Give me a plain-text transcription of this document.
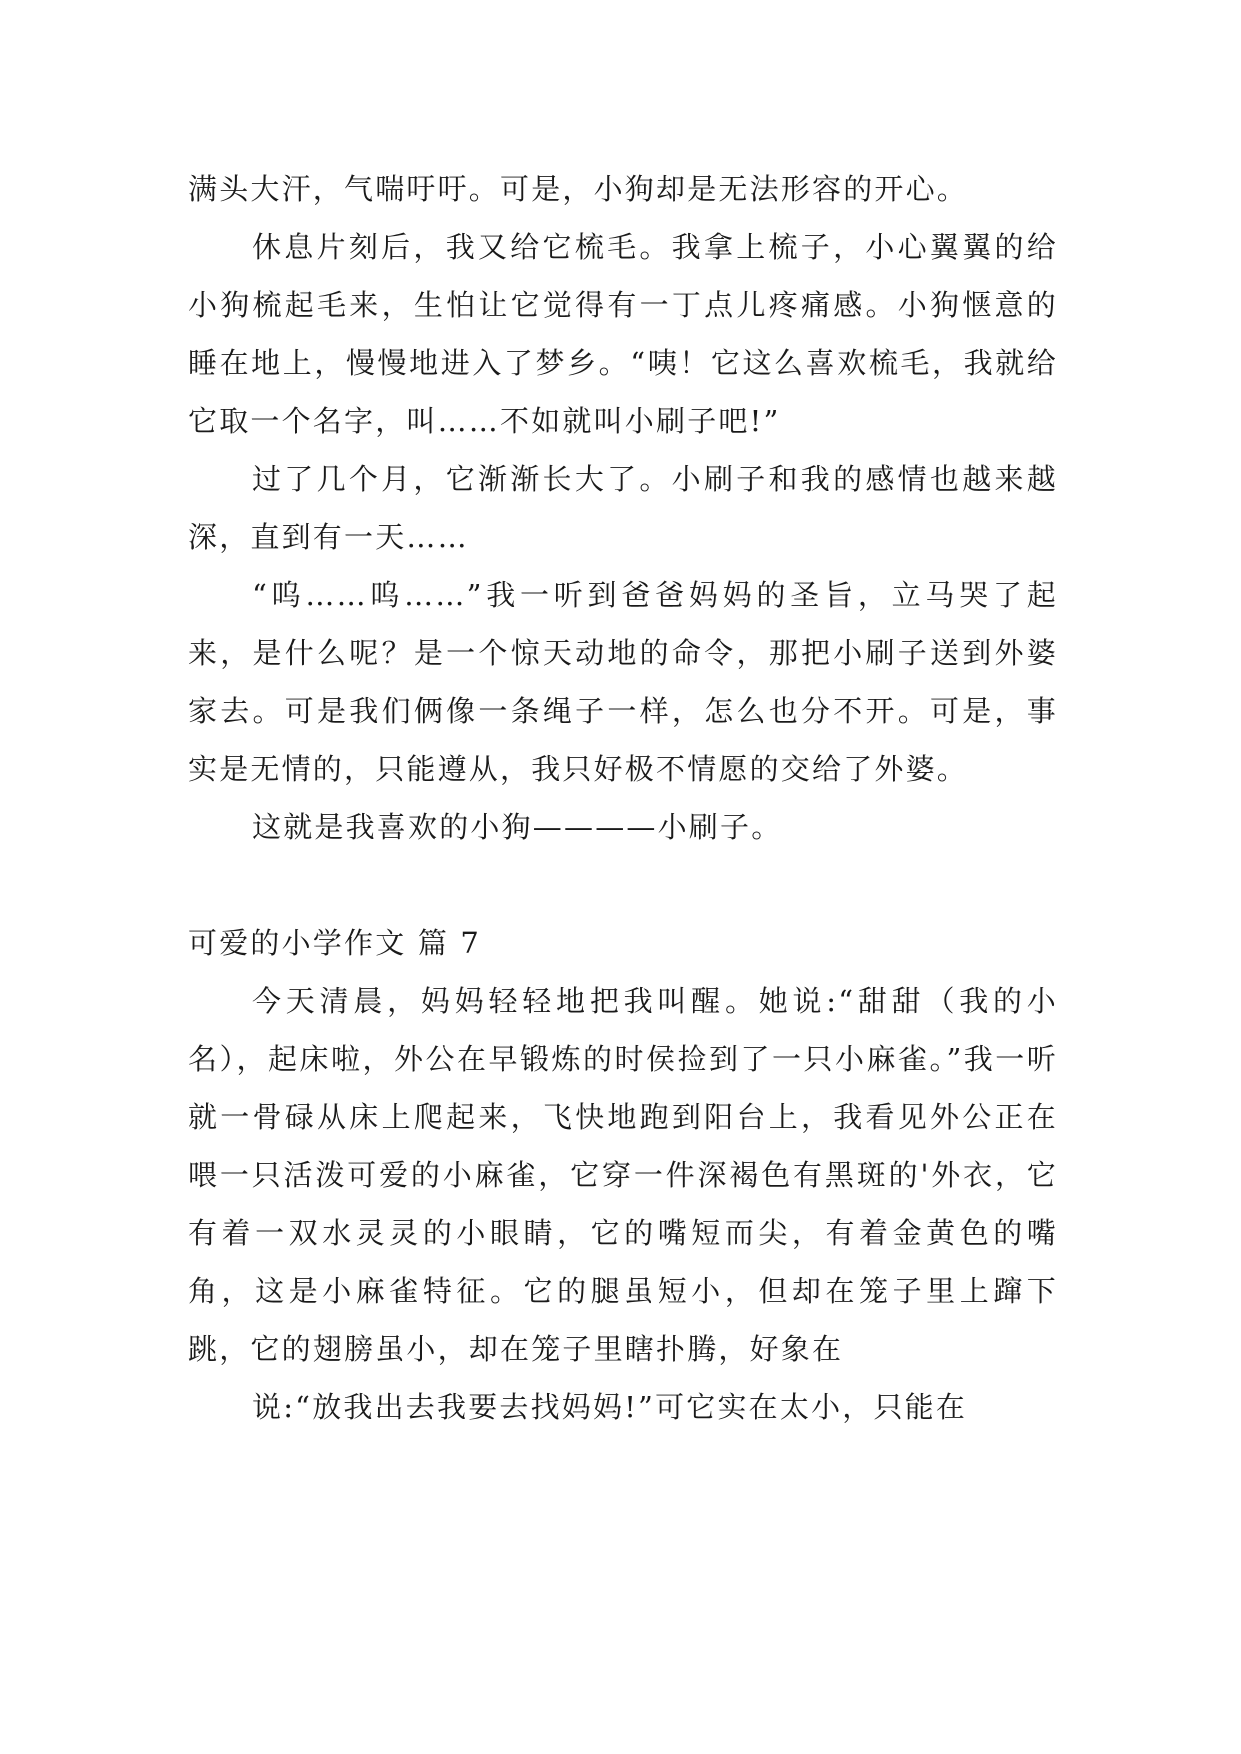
满头大汗，气喘吁吁。可是，小狗却是无法形容的开心。

休息片刻后，我又给它梳毛。我拿上梳子，小心翼翼的给小狗梳起毛来，生怕让它觉得有一丁点儿疼痛感。小狗惬意的睡在地上，慢慢地进入了梦乡。“咦！它这么喜欢梳毛，我就给它取一个名字，叫……不如就叫小刷子吧!”

过了几个月，它渐渐长大了。小刷子和我的感情也越来越深，直到有一天……

“呜……呜……”我一听到爸爸妈妈的圣旨，立马哭了起来，是什么呢？是一个惊天动地的命令，那把小刷子送到外婆家去。可是我们俩像一条绳子一样，怎么也分不开。可是，事实是无情的，只能遵从，我只好极不情愿的交给了外婆。

这就是我喜欢的小狗————小刷子。

可爱的小学作文 篇 7

今天清晨，妈妈轻轻地把我叫醒。她说:“甜甜（我的小名），起床啦，外公在早锻炼的时侯捡到了一只小麻雀。”我一听就一骨碌从床上爬起来，飞快地跑到阳台上，我看见外公正在喂一只活泼可爱的小麻雀，它穿一件深褐色有黑斑的'外衣，它有着一双水灵灵的小眼睛，它的嘴短而尖，有着金黄色的嘴角，这是小麻雀特征。它的腿虽短小，但却在笼子里上蹿下跳，它的翅膀虽小，却在笼子里瞎扑腾，好象在

说:“放我出去我要去找妈妈!”可它实在太小，只能在
